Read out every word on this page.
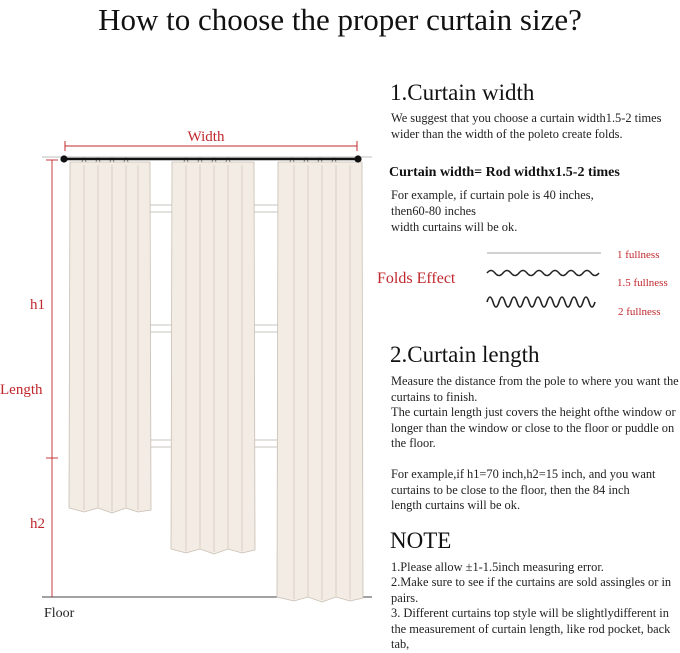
Width
How to choose the proper curtain size?
h1
Length
h2
Floor
1.Curtain width
We suggest that you choose a curtain width1.5-2 times wider than the width of the poleto create folds.
Curtain width= Rod widthx1.5-2 times
For example, if curtain pole is 40 inches,
then60-80 inches
width curtains will be ok.
Folds Effect
1 fullness
1.5 fullness
2 fullness
2.Curtain length
Measure the distance from the pole to where you want the curtains to finish.
The curtain length just covers the height ofthe window or longer than the window or close to the floor or puddle on the floor.
For example,if h1=70 inch,h2=15 inch, and you want curtains to be close to the floor, then the 84 inch length curtains will be ok.
NOTE
1.Please allow ±1-1.5inch measuring error.
2.Make sure to see if the curtains are sold assingles or in pairs.
3. Different curtains top style will be slightlydifferent in the measurement of curtain length, like rod pocket, back tab,
